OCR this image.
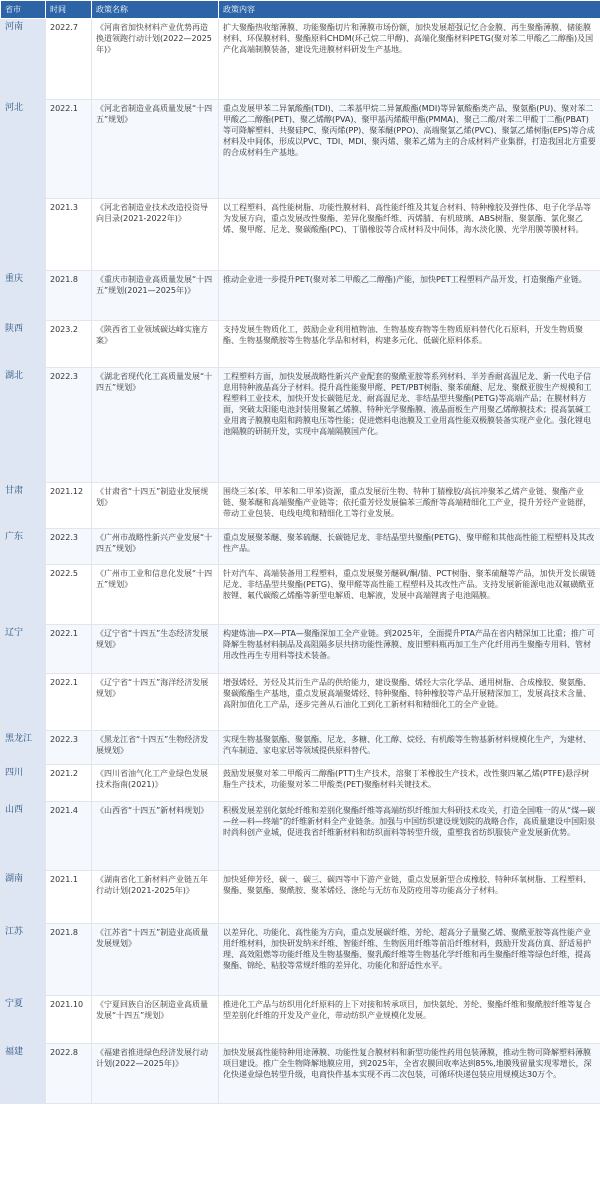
省市	时间	政策名称	政策内容
河南	2022.7	《河南省加快材料产业优势再造换道领跑行动计划(2022—2025年)》	扩大聚酯热收缩薄膜、功能聚酯切片和薄膜市场份额，加快发展超强记忆合金膜、再生聚酯薄膜、储能膜材料、环保膜材料、聚酯原料CHDM(环己烷二甲醇)、高端化聚酯材料PETG(聚对苯二甲酸乙二醇酯)及国产化高端制膜装备，建设先进膜材料研发生产基地。
河北	2022.1	《河北省制造业高质量发展“十四五”规划》	重点发展甲苯二异氰酸酯(TDI)、二苯基甲烷二异氰酸酯(MDI)等异氰酸酯类产品、聚氨酯(PU)、聚对苯二甲酸乙二醇酯(PET)、聚乙烯醇(PVA)、聚甲基丙烯酸甲酯(PMMA)、聚己二酸/对苯二甲酸丁二酯(PBAT)等可降解塑料、共聚硅PC、聚丙烯(PP)、聚苯醚(PPO)、高端聚氯乙烯(PVC)、聚氯乙烯树脂(EPS)等合成材料及中间体，形成以PVC、TDI、MDI、聚丙烯、聚苯乙烯为主的合成材料产业集群，打造我国北方重要的合成材料生产基地。
	2021.3	《河北省制造业技术改造投资导向目录(2021-2022年)》	以工程塑料、高性能树脂、功能性膜材料、高性能纤维及其复合材料、特种橡胶及弹性体、电子化学品等为发展方向，重点发展改性聚酯、差异化聚酯纤维、丙烯腈、有机玻璃、ABS树脂、聚氨酯、氯化聚乙烯、聚甲醛、尼龙、聚碳酸酯(PC)、丁腈橡胶等合成材料及中间体，海水淡化膜、光学用膜等膜材料。
重庆	2021.8	《重庆市制造业高质量发展“十四五”规划(2021—2025年)》	推动企业进一步提升PET(聚对苯二甲酸乙二醇酯)产能，加快PET工程塑料产品开发，打造聚酯产业链。
陕西	2023.2	《陕西省工业领域碳达峰实施方案》	支持发展生物质化工，鼓励企业利用植物油、生物基废弃物等生物质原料替代化石原料，开发生物质聚酯、生物基聚酰胺等生物基化学品和材料，构建多元化、低碳化原料体系。
湖北	2022.3	《湖北省现代化工高质量发展“十四五”规划》	工程塑料方面，加快发展战略性新兴产业配套的聚酰亚胺等系列材料、半芳香耐高温尼龙、新一代电子信息用特种液晶高分子材料。提升高性能聚甲醛、PET/PBT树脂、聚苯硫醚、尼龙、聚酰亚胺生产规模和工程塑料工业技术，加快开发长碳链尼龙、耐高温尼龙、非结晶型共聚酯(PETG)等高端产品；在膜材料方面，突破太阳能电池封装用聚氟乙烯膜、特种光学聚酯膜、液晶面板生产用聚乙烯醇膜技术；提高氯碱工业用离子膜膜电阻和跨膜电压等性能；促进燃料电池膜及工业用高性能双极膜装备实现产业化。强化锂电池隔膜的研制开发，实现中高端隔膜国产化。
甘肃	2021.12	《甘肃省“十四五”制造业发展规划》	围绕三苯(苯、甲苯和二甲苯)资源，重点发展衍生物、特种丁腈橡胶/高抗冲聚苯乙烯产业链、聚酯产业链、聚苯醚和高端聚酯产业链等；依托重芳烃发展偏苯三酸酐等高端精细化工产业，提升芳烃产业链群，带动工业包装、电线电缆和精细化工等行业发展。
广东	2022.3	《广州市战略性新兴产业发展“十四五”规划》	重点发展聚苯醚、聚苯硫醚、长碳链尼龙、非结晶型共聚酯(PETG)、聚甲醛和其他高性能工程塑料及其改性产品。
	2022.5	《广州市工业和信息化发展“十四五”规划》	针对汽车、高端装备用工程塑料，重点发展聚芳醚砜/酮/腈、PCT树脂、聚苯硫醚等产品，加快开发长碳链尼龙、非结晶型共聚酯(PETG)、聚甲醛等高性能工程塑料及其改性产品。支持发展新能源电池双氟磺酰亚胺锂、氟代碳酸乙烯酯等新型电解质、电解液，发展中高端锂离子电池隔膜。
辽宁	2022.1	《辽宁省“十四五”生态经济发展规划》	构建炼油—PX—PTA—聚酯深加工全产业链。到2025年，全面提升PTA产品在省内精深加工比重；推广可降解生物基材料制品及高阻隔多层共挤功能性薄膜、废旧塑料瓶再加工生产化纤用再生聚酯专用料、管材用改性再生专用料等技术装备。
	2022.1	《辽宁省“十四五”海洋经济发展规划》	增强烯烃、芳烃及其衍生产品的供给能力，建设聚酯、烯烃大宗化学品、通用树脂、合成橡胶、聚氨酯、聚碳酸酯生产基地，重点发展高端聚烯烃、特种聚酯、特种橡胶等产品开展精深加工，发展高技术含量、高附加值化工产品，逐步完善从石油化工到化工新材料和精细化工的全产业链。
黑龙江	2022.3	《黑龙江省“十四五”生物经济发展规划》	实现生物基聚氨酯、聚氨酯、尼龙、多糖、化工醇、烷烃、有机酸等生物基新材料规模化生产，为建材、汽车制造、家电家居等领域提供原料替代。
四川	2021.2	《四川省油气化工产业绿色发展技术指南(2021)》	鼓励发展聚对苯二甲酸丙二醇酯(PTT)生产技术，溶聚丁苯橡胶生产技术，改性聚四氟乙烯(PTFE)悬浮树脂生产技术，功能聚对苯二甲酸类(PET)聚酯材料关键技术。
山西	2021.4	《山西省“十四五”新材料规划》	积极发展差别化氨纶纤维和差别化聚酯纤维等高端纺织纤维加大科研技术攻关，打造全国唯一的从“煤—碳—丝—料—终端”的纤维新材料全产业链条。加强与中国纺织建设规划院的战略合作，高质量建设中国阳泉时尚科创产业城，促进我省纤维新材料和纺织面料等转型升级，重塑我省纺织服装产业发展新优势。
湖南	2021.1	《湖南省化工新材料产业链五年行动计划(2021-2025年)》	加快延伸芳烃、碳一、碳三、碳四等中下游产业链，重点发展新型合成橡胶、特种环氧树脂、工程塑料、聚酯、聚氨酯、聚酰胺、聚苯烯烃、涤纶与无纺布及防疫用等功能高分子材料。
江苏	2021.8	《江苏省“十四五”制造业高质量发展规划》	以差异化、功能化、高性能为方向，重点发展碳纤维、芳纶、超高分子量聚乙烯、聚酰亚胺等高性能产业用纤维材料，加快研发纳米纤维、智能纤维、生物医用纤维等前沿纤维材料，鼓励开发高仿真、舒适易护理、高效阻燃等功能纤维及生物基聚酯、聚乳酸纤维等生物基化学纤维和再生聚酯纤维等绿色纤维，提高聚酯、锦纶、粘胶等常规纤维的差异化、功能化和舒适性水平。
宁夏	2021.10	《宁夏回族自治区制造业高质量发展“十四五”规划》	推进化工产品与纺织用化纤原料的上下对接和转承项目，加快氨纶、芳纶、聚酯纤维和聚酰胺纤维等复合型差别化纤维的开发及产业化，带动纺织产业规模化发展。
福建	2022.8	《福建省推进绿色经济发展行动计划(2022—2025年)》	加快发展高性能特种用途薄膜、功能性复合膜材料和新型功能性药用包装薄膜，推动生物可降解塑料薄膜项目建设。推广全生物降解地膜应用，到2025年，全省农膜回收率达到85%,地膜残留量实现零增长，深化快递业绿色转型升级，电商快件基本实现不再二次包装，可循环快递包装应用规模达30万个。
